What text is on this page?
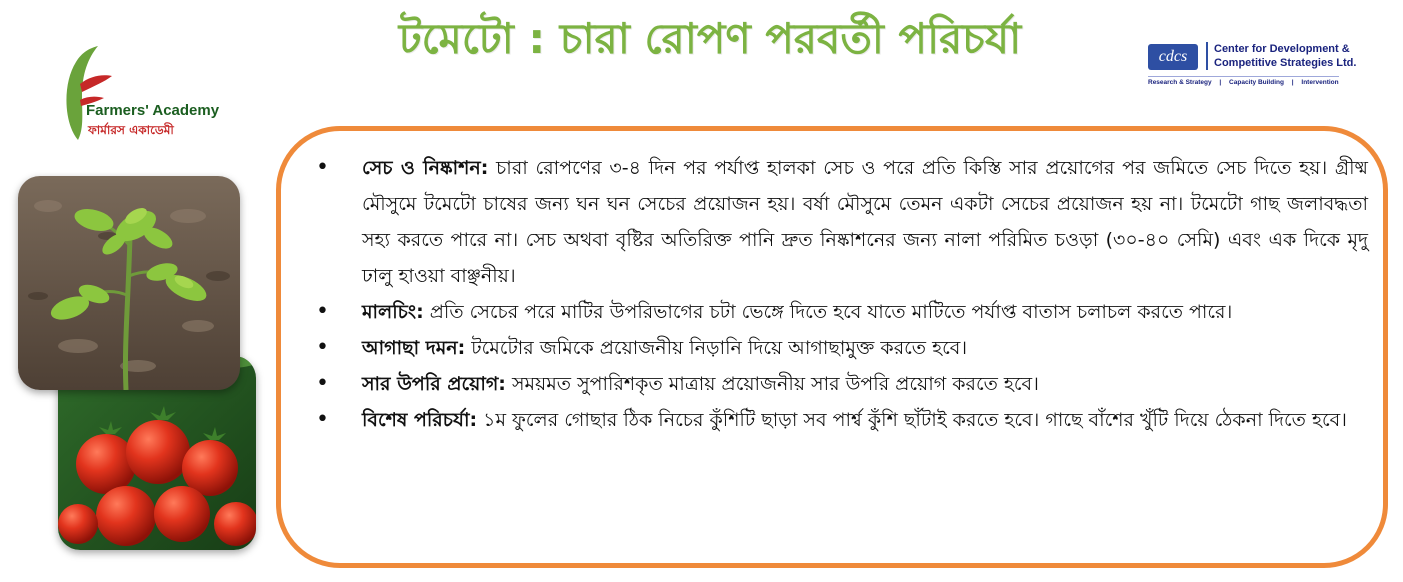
Farmers' Academy
ফার্মারস একাডেমী
টমেটো : চারা রোপণ পরবর্তী পরিচর্যা	cdcs	Center for Development &
Competitive Strategies Ltd.
Research & Strategy | Capacity Building | Intervention
• সেচ ও নিষ্কাশন: চারা রোপণের ৩-৪ দিন পর পর্যাপ্ত হালকা সেচ ও পরে প্রতি কিস্তি সার প্রয়োগের পর জমিতে সেচ দিতে হয়। গ্রীষ্ম মৌসুমে টমেটো চাষের জন্য ঘন ঘন সেচের প্রয়োজন হয়। বর্ষা মৌসুমে তেমন একটা সেচের প্রয়োজন হয় না। টমেটো গাছ জলাবদ্ধতা সহ্য করতে পারে না। সেচ অথবা বৃষ্টির অতিরিক্ত পানি দ্রুত নিষ্কাশনের জন্য নালা পরিমিত চওড়া (৩০-৪০ সেমি) এবং এক দিকে মৃদু ঢালু হাওয়া বাঞ্ছনীয়।
• মালচিং: প্রতি সেচের পরে মাটির উপরিভাগের চটা ভেঙ্গে দিতে হবে যাতে মাটিতে পর্যাপ্ত বাতাস চলাচল করতে পারে।
• আগাছা দমন: টমেটোর জমিকে প্রয়োজনীয় নিড়ানি দিয়ে আগাছামুক্ত করতে হবে।
• সার উপরি প্রয়োগ: সময়মত সুপারিশকৃত মাত্রায় প্রয়োজনীয় সার উপরি প্রয়োগ করতে হবে।
• বিশেষ পরিচর্যা: ১ম ফুলের গোছার ঠিক নিচের কুঁশিটি ছাড়া সব পার্শ্ব কুঁশি ছাঁটাই করতে হবে। গাছে বাঁশের খুঁটি দিয়ে ঠেকনা দিতে হবে।
